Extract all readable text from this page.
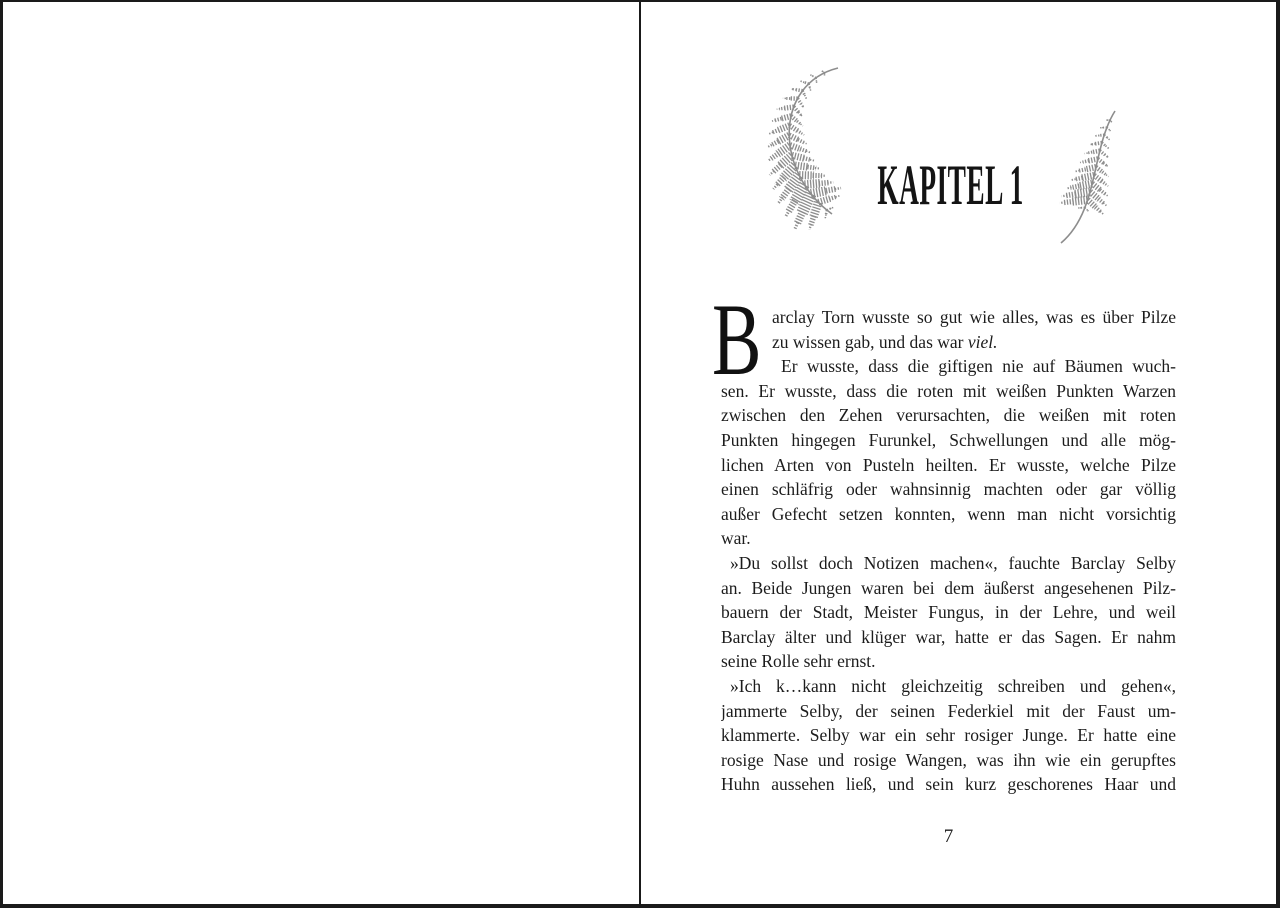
KAPITEL 1
B arclay Torn wusste so gut wie alles, was es über Pilze
zu wissen gab, und das war viel.
Er wusste, dass die giftigen nie auf Bäumen wuch-
sen. Er wusste, dass die roten mit weißen Punkten Warzen
zwischen den Zehen verursachten, die weißen mit roten
Punkten hingegen Furunkel, Schwellungen und alle mög-
lichen Arten von Pusteln heilten. Er wusste, welche Pilze
einen schläfrig oder wahnsinnig machten oder gar völlig
außer Gefecht setzen konnten, wenn man nicht vorsichtig
war.
»Du sollst doch Notizen machen«, fauchte Barclay Selby
an. Beide Jungen waren bei dem äußerst angesehenen Pilz-
bauern der Stadt, Meister Fungus, in der Lehre, und weil
Barclay älter und klüger war, hatte er das Sagen. Er nahm
seine Rolle sehr ernst.
»Ich k…kann nicht gleichzeitig schreiben und gehen«,
jammerte Selby, der seinen Federkiel mit der Faust um-
klammerte. Selby war ein sehr rosiger Junge. Er hatte eine
rosige Nase und rosige Wangen, was ihn wie ein gerupftes
Huhn aussehen ließ, und sein kurz geschorenes Haar und
7
